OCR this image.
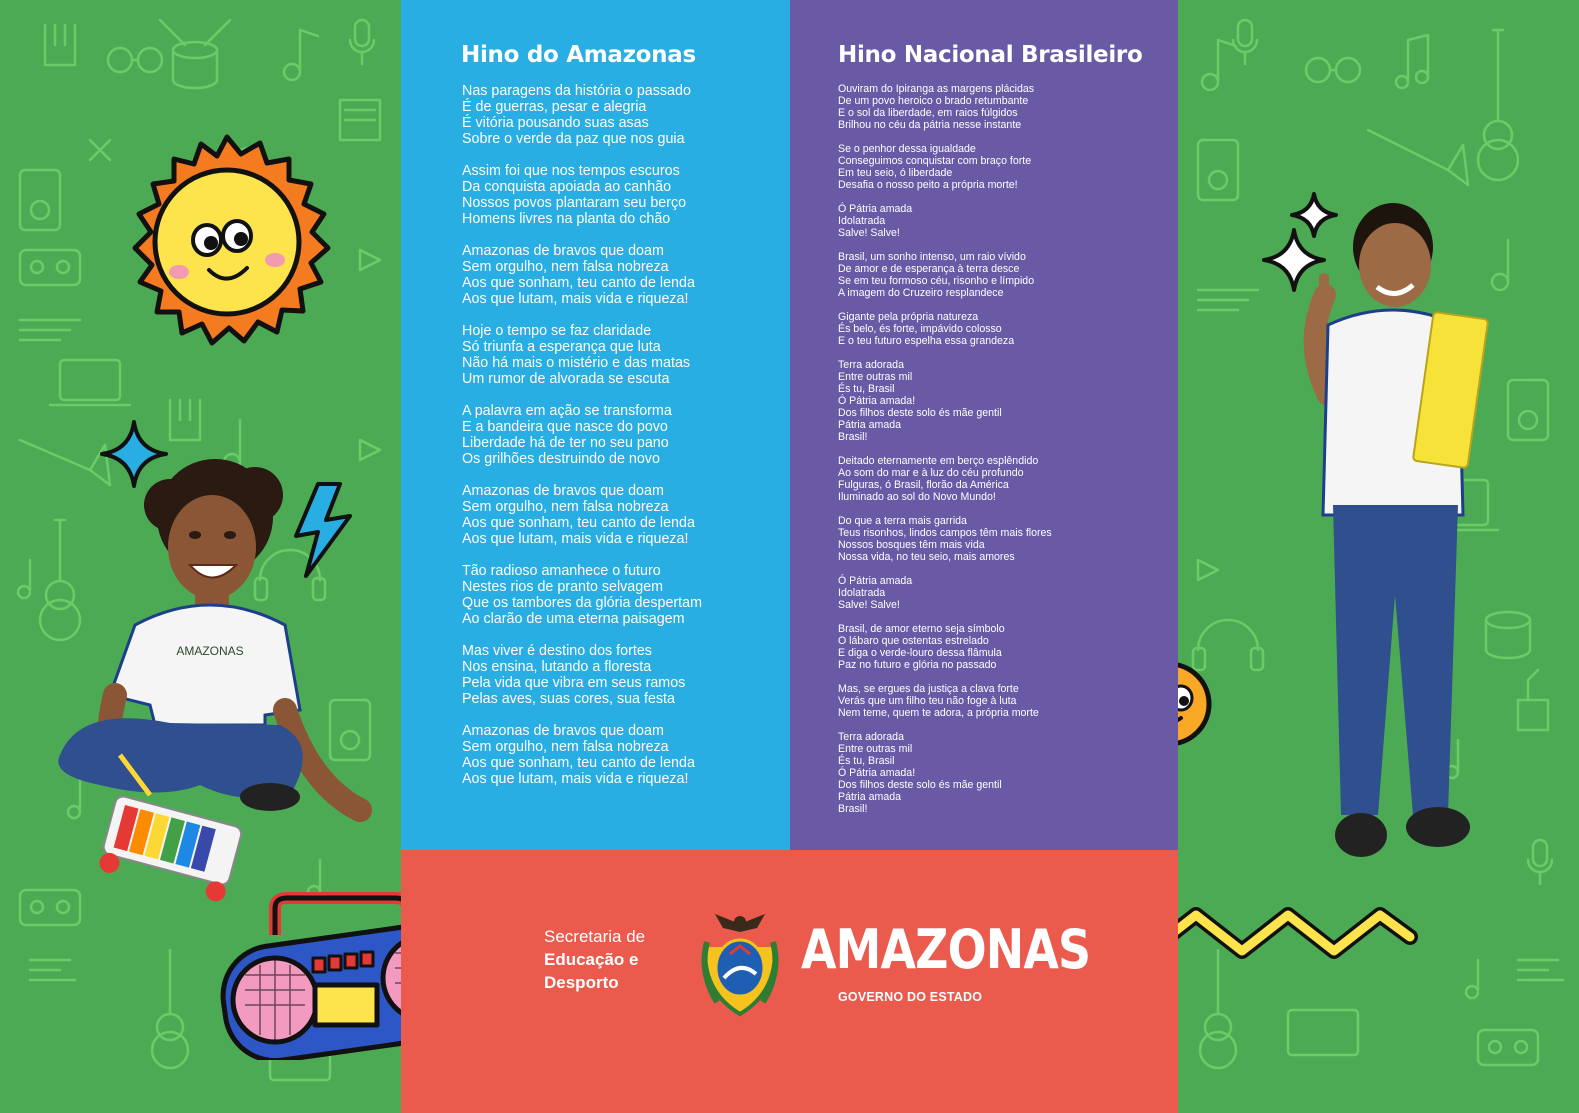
AMAZONAS
Hino do Amazonas
Nas paragens da história o passado
É de guerras, pesar e alegria
É vitória pousando suas asas
Sobre o verde da paz que nos guia

Assim foi que nos tempos escuros
Da conquista apoiada ao canhão
Nossos povos plantaram seu berço
Homens livres na planta do chão

Amazonas de bravos que doam
Sem orgulho, nem falsa nobreza
Aos que sonham, teu canto de lenda
Aos que lutam, mais vida e riqueza!

Hoje o tempo se faz claridade
Só triunfa a esperança que luta
Não há mais o mistério e das matas
Um rumor de alvorada se escuta

A palavra em ação se transforma
E a bandeira que nasce do povo
Liberdade há de ter no seu pano
Os grilhões destruindo de novo

Amazonas de bravos que doam
Sem orgulho, nem falsa nobreza
Aos que sonham, teu canto de lenda
Aos que lutam, mais vida e riqueza!

Tão radioso amanhece o futuro
Nestes rios de pranto selvagem
Que os tambores da glória despertam
Ao clarão de uma eterna paisagem

Mas viver é destino dos fortes
Nos ensina, lutando a floresta
Pela vida que vibra em seus ramos
Pelas aves, suas cores, sua festa

Amazonas de bravos que doam
Sem orgulho, nem falsa nobreza
Aos que sonham, teu canto de lenda
Aos que lutam, mais vida e riqueza!
Hino Nacional Brasileiro
Ouviram do Ipiranga as margens plácidas
De um povo heroico o brado retumbante
E o sol da liberdade, em raios fúlgidos
Brilhou no céu da pátria nesse instante

Se o penhor dessa igualdade
Conseguimos conquistar com braço forte
Em teu seio, ó liberdade
Desafia o nosso peito a própria morte!

Ó Pátria amada
Idolatrada
Salve! Salve!

Brasil, um sonho intenso, um raio vívido
De amor e de esperança à terra desce
Se em teu formoso céu, risonho e límpido
A imagem do Cruzeiro resplandece

Gigante pela própria natureza
És belo, és forte, impávido colosso
E o teu futuro espelha essa grandeza

Terra adorada
Entre outras mil
És tu, Brasil
Ó Pátria amada!
Dos filhos deste solo és mãe gentil
Pátria amada
Brasil!

Deitado eternamente em berço esplêndido
Ao som do mar e à luz do céu profundo
Fulguras, ó Brasil, florão da América
Iluminado ao sol do Novo Mundo!

Do que a terra mais garrida
Teus risonhos, lindos campos têm mais flores
Nossos bosques têm mais vida
Nossa vida, no teu seio, mais amores

Ó Pátria amada
Idolatrada
Salve! Salve!

Brasil, de amor eterno seja símbolo
O lábaro que ostentas estrelado
E diga o verde-louro dessa flâmula
Paz no futuro e glória no passado

Mas, se ergues da justiça a clava forte
Verás que um filho teu não foge à luta
Nem teme, quem te adora, a própria morte

Terra adorada
Entre outras mil
És tu, Brasil
Ó Pátria amada!
Dos filhos deste solo és mãe gentil
Pátria amada
Brasil!
Secretaria de
Educação e
Desporto
AMAZONAS
GOVERNO DO ESTADO
